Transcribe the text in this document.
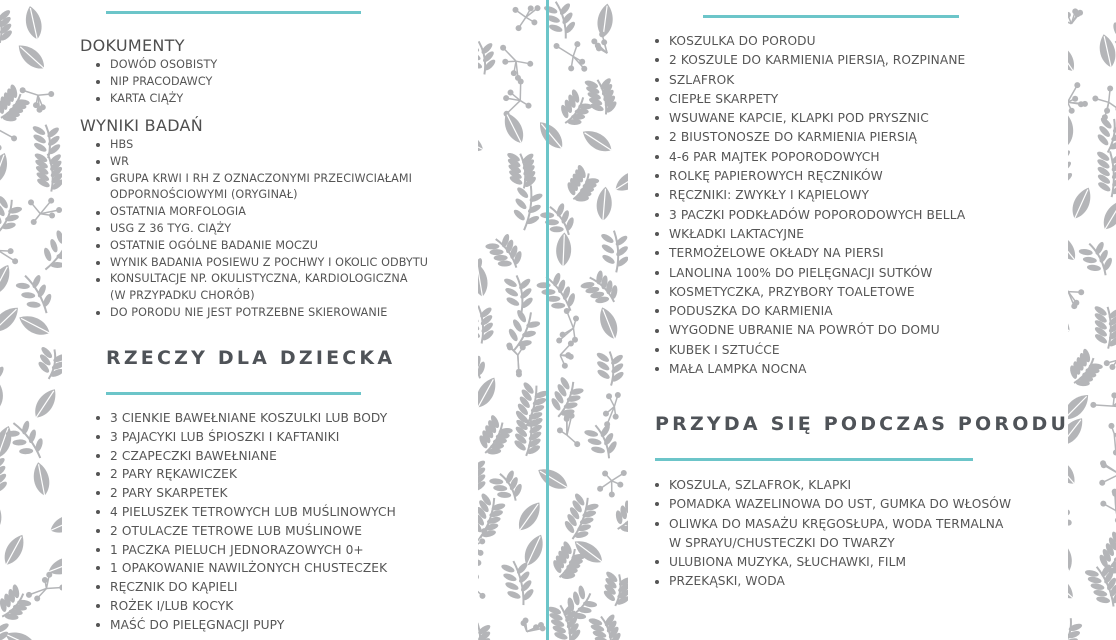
DOKUMENTY
DOWÓD OSOBISTY
NIP PRACODAWCY
KARTA CIĄŻY
WYNIKI BADAŃ
HBS
WR
GRUPA KRWI I RH Z OZNACZONYMI PRZECIWCIAŁAMI
ODPORNOŚCIOWYMI (ORYGINAŁ)
OSTATNIA MORFOLOGIA
USG Z 36 TYG. CIĄŻY
OSTATNIE OGÓLNE BADANIE MOCZU
WYNIK BADANIA POSIEWU Z POCHWY I OKOLIC ODBYTU
KONSULTACJE NP. OKULISTYCZNA, KARDIOLOGICZNA
(W PRZYPADKU CHORÓB)
DO PORODU NIE JEST POTRZEBNE SKIEROWANIE
RZECZY DLA DZIECKA
3 CIENKIE BAWEŁNIANE KOSZULKI LUB BODY
3 PAJACYKI LUB ŚPIOSZKI I KAFTANIKI
2 CZAPECZKI BAWEŁNIANE
2 PARY RĘKAWICZEK
2 PARY SKARPETEK
4 PIELUSZEK TETROWYCH LUB MUŚLINOWYCH
2 OTULACZE TETROWE LUB MUŚLINOWE
1 PACZKA PIELUCH JEDNORAZOWYCH 0+
1 OPAKOWANIE NAWILŻONYCH CHUSTECZEK
RĘCZNIK DO KĄPIELI
ROŻEK I/LUB KOCYK
MAŚĆ DO PIELĘGNACJI PUPY
KOSZULKA DO PORODU
2 KOSZULE DO KARMIENIA PIERSIĄ, ROZPINANE
SZLAFROK
CIEPŁE SKARPETY
WSUWANE KAPCIE, KLAPKI POD PRYSZNIC
2 BIUSTONOSZE DO KARMIENIA PIERSIĄ
4-6 PAR MAJTEK POPORODOWYCH
ROLKĘ PAPIEROWYCH RĘCZNIKÓW
RĘCZNIKI: ZWYKŁY I KĄPIELOWY
3 PACZKI PODKŁADÓW POPORODOWYCH BELLA
WKŁADKI LAKTACYJNE
TERMOŻELOWE OKŁADY NA PIERSI
LANOLINA 100% DO PIELĘGNACJI SUTKÓW
KOSMETYCZKA, PRZYBORY TOALETOWE
PODUSZKA DO KARMIENIA
WYGODNE UBRANIE NA POWRÓT DO DOMU
KUBEK I SZTUĆCE
MAŁA LAMPKA NOCNA
PRZYDA SIĘ PODCZAS PORODU
KOSZULA, SZLAFROK, KLAPKI
POMADKA WAZELINOWA DO UST, GUMKA DO WŁOSÓW
OLIWKA DO MASAŻU KRĘGOSŁUPA, WODA TERMALNA
W SPRAYU/CHUSTECZKI DO TWARZY
ULUBIONA MUZYKA, SŁUCHAWKI, FILM
PRZEKĄSKI, WODA
